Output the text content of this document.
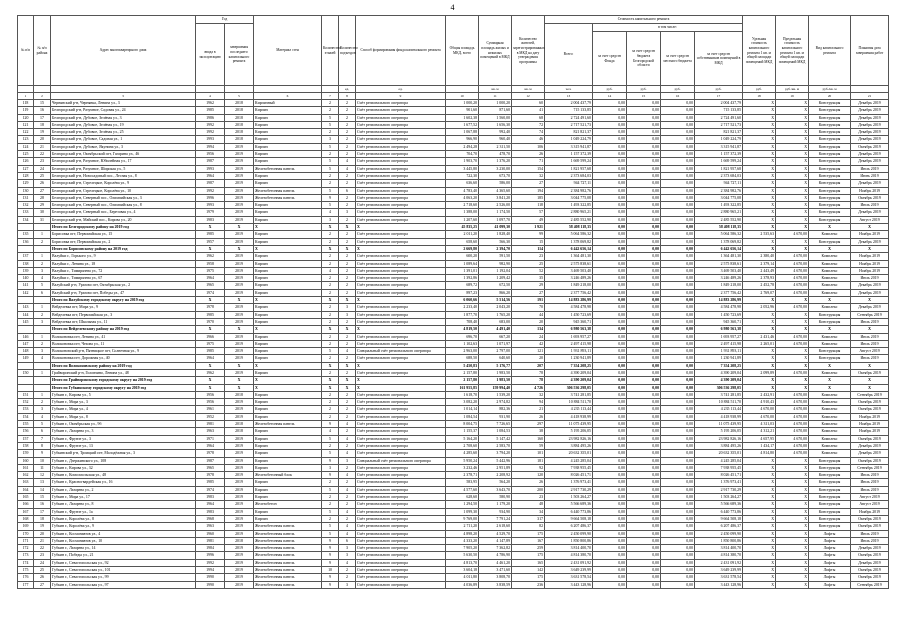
4
№ п/п	№ п/п района	Адрес многоквартирного дома	Год		Материал стен	Количество этажей	Количество подъездов	Способ формирования фонда капитального ремонта	Общая площадь МКД, всего	Суммарная площадь жилых и нежилых помещений в МКД	Количество жителей, зарегистрированных в МКД на дату утверждения программы	Стоимость капитального ремонта					Удельная стоимость капитального ремонта 1 кв. м общей площади помещений МКД	Предельная стоимость капитального ремонта 1 кв. м общей площади помещений МКД	Вид капитального ремонта	Плановая дата завершения работ
			ввода в эксплуатацию	завершения последнего капитального ремонта								Всего:	в том числе:							
													за счет средств Фонда	за счет средств бюджета Белгородской области	за счет средств местного бюджета	за счет средств собственников помещений в МКД				
							ед.	ед.		кв. м	кв. м	чел.	руб.	руб.	руб.	руб.	руб.	руб./кв. м	руб./кв. м	
1	2	3	4	5	6	7	8	9	10	11	12	13	14	15	16	17	18	19	20	21
118	15	Чернянский р-н, Чернянка, Ленина ул., 3	1962	2018	Кирпичный	2	2	Счёт регионального оператора	1 000,20	1 000,20	60	2 004 437,79	0,00	0,00	0,00	2 004 437,79	X	X	Конструкция	Декабрь 2019
119	16	Белгородский р-н, Разумное, Садовая ул., 24	1985	2018	Кирпич	2	2	Счёт регионального оператора	901,60	871,60	41	715 133,85	0,00	0,00	0,00	715 133,85	X	X	Конструкция	Декабрь 2019
120	17	Белгородский р-н, Дубовое, Зелёная ул., 3	1986	2018	Кирпич	5	2	Счёт регионального оператора	1 602,38	1 560,00	68	2 724 491,60	0,00	0,00	0,00	2 724 491,60	X	X	Конструкция	Декабрь 2019
121	18	Белгородский р-н, Дубовое, Зелёная ул., 19	1992	2018	Кирпич	5	2	Счёт регионального оператора	1 677,52	1 656,30	72	2 717 521,73	0,00	0,00	0,00	2 717 521,73	X	X	Конструкция	Декабрь 2019
122	19	Белгородский р-н, Дубовое, Зелёная ул., 25	1992	2018	Кирпич	2	2	Счёт регионального оператора	1 067,88	992,40	74	821 821,37	0,00	0,00	0,00	821 821,37	X	X	Конструкция	Декабрь 2019
123	20	Белгородский р-н, Дубовое, Садовая ул., 1	1993	2018	Кирпич	3	2	Счёт регионального оператора	966,90	960,40	46	1 049 224,79	0,00	0,00	0,00	1 049 224,79	X	X	Конструкция	Декабрь 2019
124	21	Белгородский р-н, Дубовое, Якунина ул., 3	1994	2019	Кирпич	5	2	Счёт регионального оператора	2 494,28	2 311,50	106	3 315 941,87	0,00	0,00	0,00	3 315 941,87	X	X	Конструкция	Октябрь 2019
125	22	Белгородский р-н, Октябрьский пгт, Гагарина ул., 46	1956	2019	Кирпич	2	2	Счёт регионального оператора	704,70	478,70	26	1 157 372,39	0,00	0,00	0,00	1 157 372,39	X	X	Конструкция	Декабрь 2019
126	23	Белгородский р-н, Разумное, Юбилейная ул., 17	1987	2019	Кирпич	5	4	Счёт регионального оператора	1 903,70	1 376,20	71	1 669 599,24	0,00	0,00	0,00	1 669 599,24	X	X	Конструкция	Декабрь 2019
127	24	Белгородский р-н, Разумное, Широкая ул., 5	1993	2019	Железобетонная панель	5	4	Счёт регионального оператора	3 445,80	3 230,00	154	1 821 957,68	0,00	0,00	0,00	1 821 957,68	X	X	Конструкция	Июль 2019
128	25	Белгородский р-н, Новосадовый пос., Лесная ул., 8	1964	2019	Кирпич	2	2	Счёт регионального оператора	722,30	673,70	32	2 373 684,03	0,00	0,00	0,00	2 373 684,03	X	X	Конструкция	Июнь 2019
129	26	Белгородский р-н, Стрелецкое, Королёва ул., 9	1987	2019	Кирпич	2	2	Счёт регионального оператора	636,60	586,00	27	944 727,11	0,00	0,00	0,00	944 727,11	X	X	Конструкция	Декабрь 2019
130	27	Белгородский р-н, Стрелецкое, Королёва ул., 10	1992	2019	Железобетонная панель	5	6	Счёт регионального оператора	4 783,40	4 365,60	194	2 384 982,76	0,00	0,00	0,00	2 384 982,76	X	X	Конструкция	Ноябрь 2019
131	28	Белгородский р-н, Северный пос., Олимпийская ул., 3	1996	2019	Железобетонная панель	9	2	Счёт регионального оператора	4 063,20	3 841,20	185	3 044 775,08	0,00	0,00	0,00	3 044 775,08	X	X	Конструкция	Октябрь 2019
132	29	Белгородский р-н, Северный пос., Олимпийская ул., 8	1993	2019	Кирпич	5	2	Счёт регионального оператора	2 718,60	2 526,00	118	1 493 322,85	0,00	0,00	0,00	1 493 322,85	X	X	Конструкция	Июль 2019
133	30	Белгородский р-н, Северный пос., Березовая ул., 4	1979	2019	Кирпич	4	3	Счёт регионального оператора	1 388,00	1 174,50	57	2 880 965,21	0,00	0,00	0,00	2 880 965,21	X	X	Конструкция	Декабрь 2019
134	31	Белгородский р-н, Майский пос., Кирова ул., 20	1983	2019	Кирпич	3	2	Счёт регионального оператора	1 207,60	1 097,70	49	2 485 552,90	0,00	0,00	0,00	2 485 552,90	X	X	Конструкция	Август 2019
		Итого по Белгородскому району на 2019 год	X	X	X	X	X	X	45 835,25	41 099,30	1 921	58 408 118,35	0,00	0,00	0,00	58 408 118,35	X	X	X	X
135	1	Борисовка пгт, Первомайская ул., 15	1985	2019	Кирпич	2	2	Счёт регионального оператора	2 011,20	1 828,40	99	5 064 586,32	0,00	0,00	0,00	5 064 586,32	2 535,63	4 670,00	Комплекс	Ноябрь 2019
136	2	Борисовка пгт, Первомайская ул., 2	1957	2019	Кирпич	2	2	Счёт регионального оператора	658,60	566,30	15	1 378 069,82	0,00	0,00	0,00	1 378 069,82	X	X	Конструкция	Декабрь 2019
		Итого по Борисовскому району на 2019 год	X	X	X	X	X	X	2 669,80	2 394,70	114	6 442 656,14	0,00	0,00	0,00	6 442 656,14	X	X	X	X
137	1	Валуйки г., Горького ул., 9	1962	2019	Кирпич	2	2	Счёт регионального оператора	600,20	591,50	23	1 364 481,30	0,00	0,00	0,00	1 364 481,30	2 380,40	4 670,00	Комплекс	Ноябрь 2019
138	2	Валуйки г., Ленина ул., 18	1958	2019	Кирпич	2	2	Счёт регионального оператора	1 089,64	982,90	25	2 575 838,61	0,00	0,00	0,00	2 575 838,61	2 379,14	4 670,00	Комплекс	Ноябрь 2019
139	3	Валуйки г., Тимирязева ул., 72	1975	2019	Кирпич	4	2	Счёт регионального оператора	1 391,01	1 192,04	52	3 469 503,40	0,00	0,00	0,00	3 469 503,40	2 443,49	4 670,00	Комплекс	Ноябрь 2019
140	4	Валуйки г., Тимирязева ул., 67	1964	2019	Кирпич	2	2	Счёт регионального оператора	1 392,86	1 209,42	35	3 246 489,26	0,00	0,00	0,00	3 246 489,26	2 378,93	4 670,00	Комплекс	Июль 2019
141	5	Валуйский р-н, Уразово пгт, Октябрьская ул., 2	1965	2019	Кирпич	2	2	Счёт регионального оператора	689,72	672,50	29	1 849 218,00	0,00	0,00	0,00	1 849 218,00	2 452,78	4 670,00	Комплекс	Декабрь 2019
142	6	Валуйский р-н, Уразово пгт, Победы ул., 47	1974	2019	Кирпич	2	2	Счёт регионального оператора	897,23	866,20	27	2 377 756,42	0,00	0,00	0,00	2 377 756,42	2 769,07	4 670,00	Комплекс	Декабрь 2019
		Итого по Валуйскому городскому округу на 2019 год	X	X	X	X	X	X	6 060,66	5 514,56	191	14 883 286,99	0,00	0,00	0,00	14 883 286,99	X	X	X	X
143	1	Вейделевка пгт, Мира ул., 9	1978	2019	Кирпич	2	3	Счёт регионального оператора	2 233,40	2 043,20	70	4 584 478,98	0,00	0,00	0,00	4 584 478,98	2 052,96	4 670,00	Комплекс	Декабрь 2019
144	2	Вейделевка пгт, Первомайская ул., 3	1985	2019	Кирпич	2	3	Счёт регионального оператора	1 877,70	1 765,20	44	1 450 723,69	0,00	0,00	0,00	1 450 723,69	X	X	Конструкция	Сентябрь 2019
145	3	Вейделевка пгт, Школьная ул., 11	1970	2019	Кирпич	2	2	Счёт регионального оператора	708,40	683,00	20	945 360,71	0,00	0,00	0,00	945 360,71	X	X	Конструкция	Июль 2019
		Итого по Вейделевскому району на 2019 год	X	X	X	X	X	X	4 819,50	4 491,40	134	6 980 563,38	0,00	0,00	0,00	6 980 563,38	X	X	X	X
146	1	Волоконовка пгт, Ленина ул., 41	1966	2019	Кирпич	2	2	Счёт регионального оператора	696,70	667,20	24	1 693 957,27	0,00	0,00	0,00	1 693 957,27	2 431,46	4 670,00	Комплекс	Июль 2019
147	2	Волоконовка пгт, Чехова ул., 11	1975	2019	Кирпич	2	2	Счёт регионального оператора	1 102,63	1 071,97	42	2 497 415,98	0,00	0,00	0,00	2 497 415,98	2 265,01	4 670,00	Комплекс	Июль 2019
148	3	Волоконовский р-н, Пятницкое пгт, Солнечная ул., 9	1985	2019	Кирпич	5	4	Специальный счёт регионального оператора	2 963,00	2 797,00	121	1 931 893,11	0,00	0,00	0,00	1 931 893,11	X	X	Конструкция	Август 2019
149	4	Волоконовка пгт, Дорожная ул., 40	1964	2019	Кирпич	2	2	Счёт регионального оператора	688,50	640,60	20	1 230 941,89	0,00	0,00	0,00	1 230 941,89	X	X	Конструкция	Июль 2019
		Итого по Волоконовскому району на 2019 год	X	X	X	X	X	X	5 450,83	5 176,77	207	7 354 208,25	0,00	0,00	0,00	7 354 208,25	X	X	X	X
150	1	Грайворонский р-н, Головчино, Ленина ул., 48	1962	2019	Кирпич	2	2	Счёт регионального оператора	2 157,80	1 983,50	78	4 390 209,04	0,00	0,00	0,00	4 390 209,04	2 099,89	4 670,00	Комплекс	Октябрь 2019
		Итого по Грайворонскому городскому округу на 2019 год	X	X	X	X	X	X	2 157,80	1 983,50	78	4 390 209,04	0,00	0,00	0,00	4 390 209,04	X	X	X	X
		Итого по Губкинскому городскому округу на 2019 год	X	X	X	X	X	X	161 955,85	159 994,40	4 726	306 536 298,05	0,00	0,00	0,00	306 536 298,05	X	X	X	X
151	1	Губкин г., Кирова ул., 5	1956	2018	Кирпич	2	2	Счёт регионального оператора	1 618,70	1 539,20	32	3 741 281,85	0,00	0,00	0,00	3 741 281,85	2 432,91	4 670,00	Комплекс	Сентябрь 2019
152	2	Губкин г., Мира ул., 3	1956	2019	Кирпич	2	2	Счёт регионального оператора	3 082,20	2 974,82	94	10 884 511,70	0,00	0,00	0,00	10 884 511,70	4 910,43	4 670,00	Комплекс	Октябрь 2019
153	3	Губкин г., Мира ул., 4	1961	2019	Кирпич	2	2	Счёт регионального оператора	1 014,14	882,36	21	4 235 113,44	0,00	0,00	0,00	4 235 113,44	4 670,00	4 670,00	Комплекс	Октябрь 2019
154	4	Губкин г., Мира ул., 8	1952	2019	Кирпич	2	2	Счёт регионального оператора	1 084,54	931,90	26	4 418 938,99	0,00	0,00	0,00	4 418 938,99	4 670,00	4 670,00	Комплекс	Ноябрь 2019
155	5	Губкин г., Октябрьская ул., 9б	1981	2018	Железобетонная панель	9	4	Счёт регионального оператора	8 004,75	7 726,65	297	11 075 439,95	0,00	0,00	0,00	11 075 439,95	4 311,03	4 670,00	Комплекс	Ноябрь 2019
156	6	Губкин г., Лазарева ул., 3	1963	2018	Кирпич	4	2	Счёт регионального оператора	1 155,37	1 084,53	38	5 195 206,05	0,00	0,00	0,00	5 195 206,05	4 312,21	4 670,00	Комплекс	Ноябрь 2019
157	7	Губкин г., Фрунзе ул., 3	1971	2019	Кирпич	5	4	Счёт регионального оператора	5 164,20	5 147,42	160	23 982 826,16	0,00	0,00	0,00	23 982 826,16	4 657,95	4 670,00	Комплекс	Октябрь 2019
158	8	Губкин г., Фрунзе ул., 13	1964	2019	Кирпич	2	2	Счёт регионального оператора	2 708,60	2 583,70	59	3 884 495,26	0,00	0,00	0,00	3 884 495,26	1 434,17	4 670,00	Комплекс	Декабрь 2019
159	9	Губкинский р-н, Троицкий пгт, Молодёжная ул., 3	1978	2019	Кирпич	5	4	Счёт регионального оператора	4 285,60	3 794,20	101	20 632 355,01	0,00	0,00	0,00	20 632 355,01	4 814,80	4 670,00	Комплекс	Декабрь 2019
160	10	Губкин г., Дзержинского ул., 108	1987	2019	Кирпич	9	3	Специальный счёт регионального оператора	5 950,24	5 442,96	181	4 245 285,04	0,00	0,00	0,00	4 245 285,04	X	X	Конструкция	Октябрь 2019
161	11	Губкин г., Кирова ул., 32	1965	2019	Кирпич	3	2	Счёт регионального оператора	3 232,46	2 951,89	92	7 938 955,45	0,00	0,00	0,00	7 938 955,45	X	X	Конструкция	Сентябрь 2019
162	12	Губкин г., Комсомольская ул., 48	1978	2019	Железобетонный блок	9	4	Счёт регионального оператора	2 378,71	2 208,92	120	8 026 451,71	0,00	0,00	0,00	8 026 451,71	X	X	Конструкция	Июль 2019
163	13	Губкин г., Красногвардейская ул., 16	1985	2019	Кирпич	2	2	Счёт регионального оператора	583,95	564,20	26	1 376 973,41	0,00	0,00	0,00	1 376 973,41	X	X	Конструкция	Июль 2019
164	14	Губкин г., Лазарева ул., 2	1974	2019	Кирпич	5	4	Счёт регионального оператора	4 577,60	3 643,70	200	2 917 730,29	0,00	0,00	0,00	2 917 730,29	X	X	Конструкция	Июль 2019
165	15	Губкин г., Мира ул., 17	1983	2019	Кирпич	2	2	Счёт регионального оператора	628,60	580,90	23	1 503 264,27	0,00	0,00	0,00	1 503 264,27	X	X	Конструкция	Август 2019
166	16	Губкин г., Лазарева ул., 8	1964	2019	Железобетон	2	2	Счёт регионального оператора	1 294,50	1 179,20	48	5 566 689,36	0,00	0,00	0,00	5 566 689,36	X	X	Конструкция	Август 2019
167	17	Губкин г., Фрунзе ул., 1а	1983	2019	Кирпич	5	4	Счёт регионального оператора	1 099,30	934,90	34	6 440 773,86	0,00	0,00	0,00	6 440 773,86	X	X	Конструкция	Ноябрь 2019
168	18	Губкин г., Королёва ул., 8	1968	2019	Кирпич	2	2	Счёт регионального оператора	9 769,00	7 791,24	317	9 664 508,18	0,00	0,00	0,00	9 664 508,18	X	X	Конструкция	Октябрь 2019
169	19	Губкин г., Королёва ул., 9	1963	2019	Железобетонная панель	5	4	Счёт регионального оператора	2 711,20	2 618,60	82	6 207 486,37	0,00	0,00	0,00	6 207 486,37	X	X	Конструкция	Октябрь 2019
170	20	Губкин г., Космонавтов ул., 4	1960	2019	Железобетонная панель	5	4	Счёт регионального оператора	4 898,20	4 529,70	175	2 450 099,90	0,00	0,00	0,00	2 450 099,90	X	X	Лифты	Июль 2019
171	21	Губкин г., Космонавтов ул., 10	1981	2018	Железобетонная панель	9	6	Счёт регионального оператора	4 333,20	4 147,89	167	1 850 800,86	0,00	0,00	0,00	1 850 800,86	X	X	Лифты	Июль 2019
172	22	Губкин г., Лазарева ул., 14	1984	2019	Железобетонная панель	9	3	Счёт регионального оператора	7 905,20	7 362,82	259	3 814 400,70	0,00	0,00	0,00	3 814 400,70	X	X	Лифты	Декабрь 2019
173	23	Губкин г., Победы ул., 21	1996	2019	Железобетонная панель	9	3	Счёт регионального оператора	5 630,50	4 786,90	175	4 814 380,70	0,00	0,00	0,00	4 814 380,70	X	X	Лифты	Октябрь 2019
174	24	Губкин г., Севастопольская ул., 92	1992	2019	Железобетонная панель	9	4	Счёт регионального оператора	4 813,70	4 461,20	165	2 431 091,92	0,00	0,00	0,00	2 431 091,92	X	X	Лифты	Декабрь 2019
175	25	Губкин г., Севастопольская ул., 101	1994	2019	Железобетонная панель	10	2	Счёт регионального оператора	3 604,18	3 471,60	142	3 649 239,99	0,00	0,00	0,00	3 649 239,99	X	X	Лифты	Октябрь 2019
176	26	Губкин г., Севастопольская ул., 99	1990	2019	Железобетонная панель	9	2	Счёт регионального оператора	4 011,80	3 808,70	175	3 631 578,54	0,00	0,00	0,00	3 631 578,54	X	X	Лифты	Октябрь 2019
177	27	Губкин г., Севастопольская ул., 97	1990	2019	Железобетонная панель	9	3	Счёт регионального оператора	4 036,89	3 838,59	236	3 443 128,96	0,00	0,00	0,00	3 443 128,96	X	X	Лифты	Сентябрь 2019
